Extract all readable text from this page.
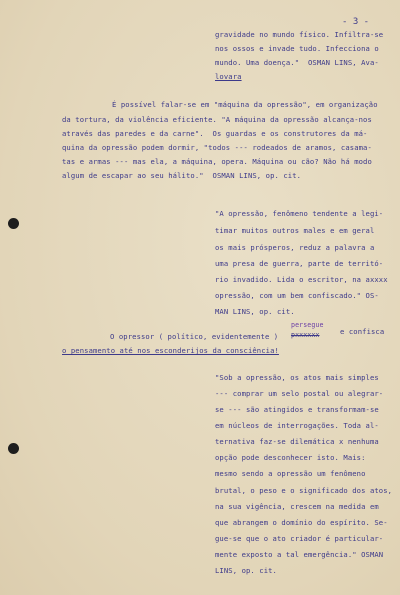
- 3 -
gravidade no mundo físico. Infiltra-se
nos ossos e invade tudo. Infecciona o
mundo. Uma doença."  OSMAN LINS, Ava-
lovara
É possível falar-se em "máquina da opressão", em organização
da tortura, da violência eficiente. "A máquina da opressão alcança-nos
através das paredes e da carne".  Os guardas e os construtores da má-
quina da opressão podem dormir, "todos --- rodeados de aramos, casama-
tas e armas --- mas ela, a máquina, opera. Máquina ou cão? Não há modo
algum de escapar ao seu hálito."  OSMAN LINS, op. cit.
"A opressão, fenômeno tendente a legi-
timar muitos outros males e em geral
os mais prósperos, reduz a palavra a
uma presa de guerra, parte de territó-
rio invadido. Lida o escritor, na axxxx
opressão, com um bem confiscado." OS-
MAN LINS, op. cit.
O opressor ( político, evidentemente )
persegue
pxxxxxx	e confisca
o pensamento até nos esconderijos da consciência!
"Sob a opressão, os atos mais simples
--- comprar um selo postal ou alegrar-
se --- são atingidos e transformam-se
em núcleos de interrogações. Toda al-
ternativa faz-se dilemática x nenhuma
opção pode desconhecer isto. Mais:
mesmo sendo a opressão um fenômeno
brutal, o peso e o significado dos atos,
na sua vigência, crescem na medida em
que abrangem o domínio do espírito. Se-
gue-se que o ato criador é particular-
mente exposto a tal emergência." OSMAN
LINS, op. cit.
